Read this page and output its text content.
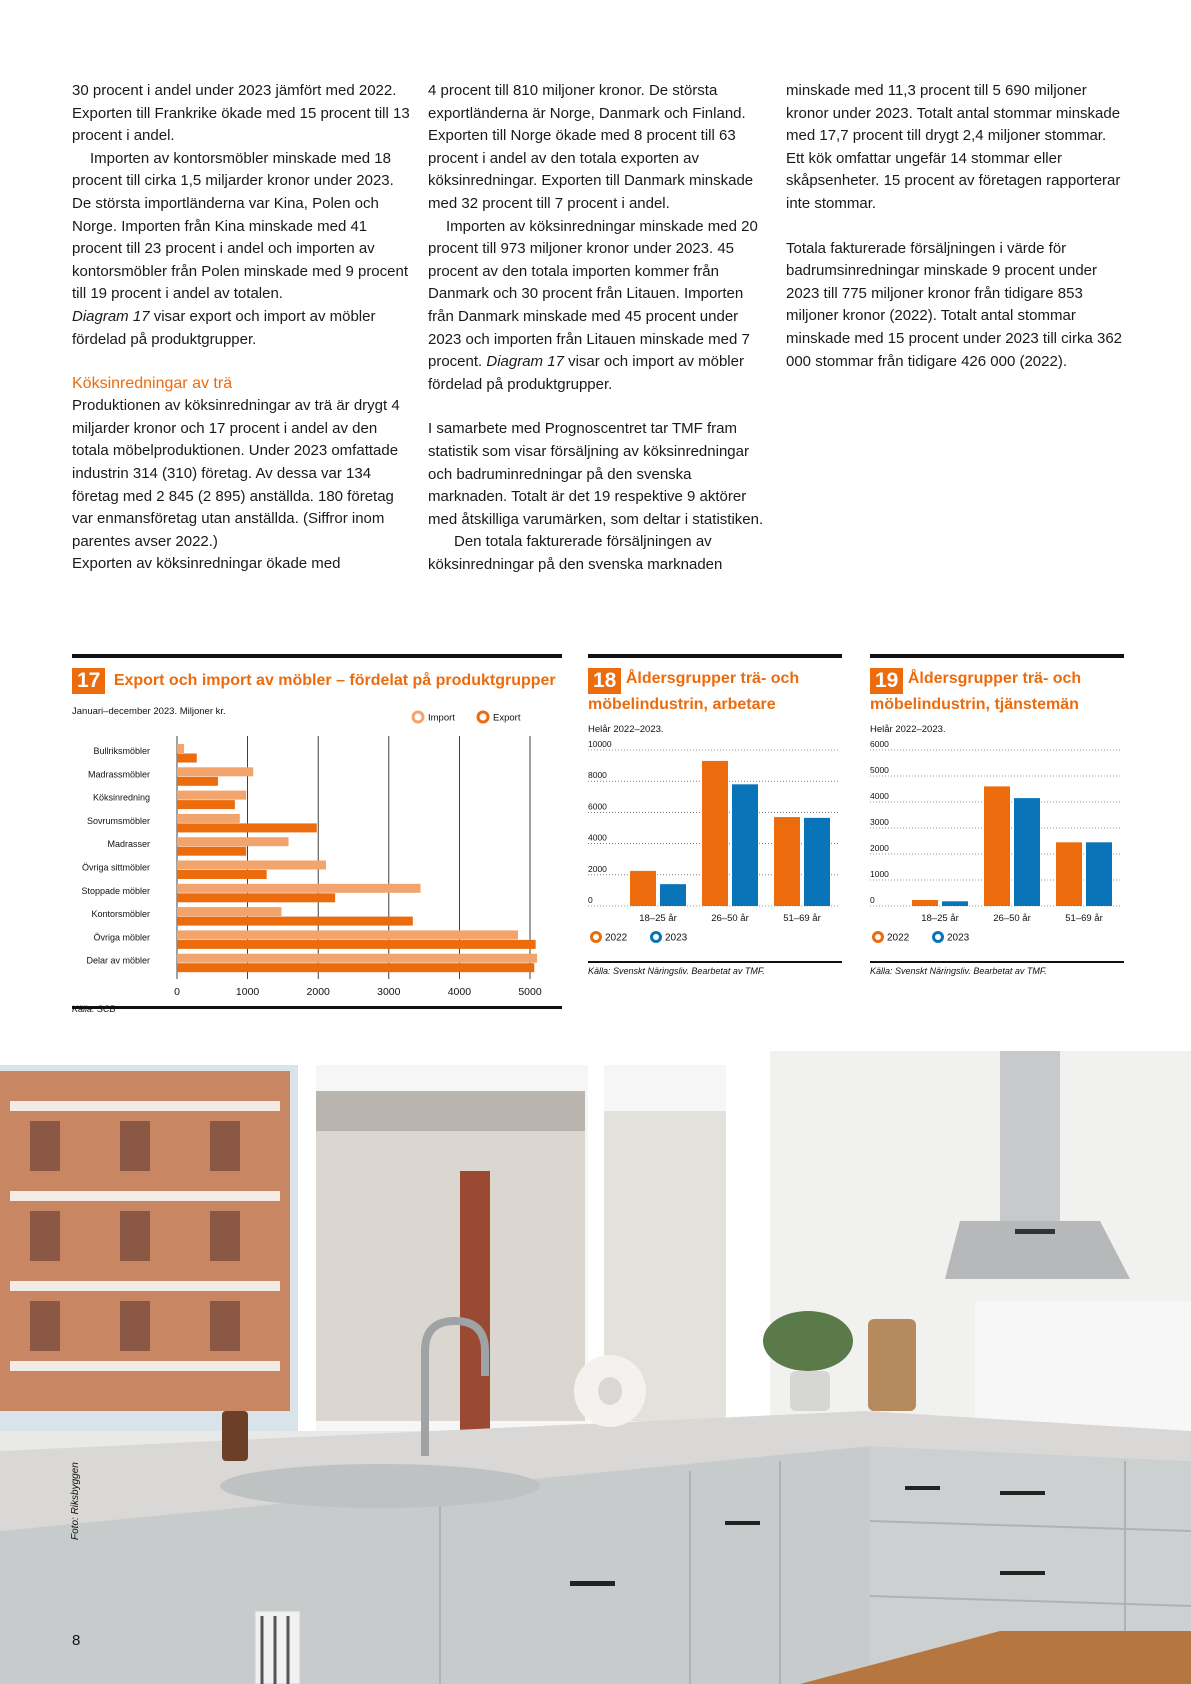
30 procent i andel under 2023 jämfört med 2022. Exporten till Frankrike ökade med 15 procent till 13 procent i andel.

Importen av kontorsmöbler minskade med 18 procent till cirka 1,5 miljarder kronor under 2023. De största importländerna var Kina, Polen och Norge. Importen från Kina minskade med 41 procent till 23 procent i andel och importen av kontorsmöbler från Polen minskade med 9 procent till 19 procent i andel av totalen.
Diagram 17 visar export och import av möbler fördelad på produktgrupper.

Köksinredningar av trä

Produktionen av köksinredningar av trä är drygt 4 miljarder kronor och 17 procent i andel av den totala möbelproduktionen. Under 2023 omfattade industrin 314 (310) företag. Av dessa var 134 företag med 2 845 (2 895) anställda. 180 företag var enmansföretag utan anställda. (Siffror inom parentes avser 2022.)

Exporten av köksinredningar ökade med

4 procent till 810 miljoner kronor. De största exportländerna är Norge, Danmark och Finland. Exporten till Norge ökade med 8 procent till 63 procent i andel av den totala exporten av köksinredningar. Exporten till Danmark minskade med 32 procent till 7 procent i andel.

Importen av köksinredningar minskade med 20 procent till 973 miljoner kronor under 2023. 45 procent av den totala importen kommer från Danmark och 30 procent från Litauen. Importen från Danmark minskade med 45 procent under 2023 och importen från Litauen minskade med 7 procent. Diagram 17 visar och import av möbler fördelad på produktgrupper.

I samarbete med Prognoscentret tar TMF fram statistik som visar försäljning av köksinredningar och badruminredningar på den svenska marknaden. Totalt är det 19 respektive 9 aktörer med åtskilliga varumärken, som deltar i statistiken.

Den totala fakturerade försäljningen av köksinredningar på den svenska marknaden

minskade med 11,3 procent till 5 690 miljoner kronor under 2023. Totalt antal stommar minskade med 17,7 procent till drygt 2,4 miljoner stommar. Ett kök omfattar ungefär 14 stommar eller skåpsenheter. 15 procent av företagen rapporterar inte stommar.

Totala fakturerade försäljningen i värde för badrumsinredningar minskade 9 procent under 2023 till 775 miljoner kronor från tidigare 853 miljoner kronor (2022). Totalt antal stommar minskade med 15 procent under 2023 till cirka 362 000 stommar från tidigare 426 000 (2022).

17 Export och import av möbler – fördelat på produktgrupper
Januari–december 2023. Miljoner kr.
Import	Export
0	1000	2000	3000	4000	5000
Bullriksmöbler
Madrassmöbler
Köksinredning
Sovrumsmöbler
Madrasser
Övriga sittmöbler
Stoppade möbler
Kontorsmöbler
Övriga möbler
Delar av möbler
Källa: SCB
18 Åldersgrupper trä- och
möbelindustrin, arbetare
Helår 2022–2023.
0
2000
4000
6000
8000
10000
18–25 år	26–50 år	51–69 år
2022	2023
Källa: Svenskt Näringsliv. Bearbetat av TMF.
19 Åldersgrupper trä- och
möbelindustrin, tjänstemän
Helår 2022–2023.
0
1000
2000
3000
4000
5000
6000
18–25 år	26–50 år	51–69 år
2022	2023
Källa: Svenskt Näringsliv. Bearbetat av TMF.
Foto: Riksbyggen
8
